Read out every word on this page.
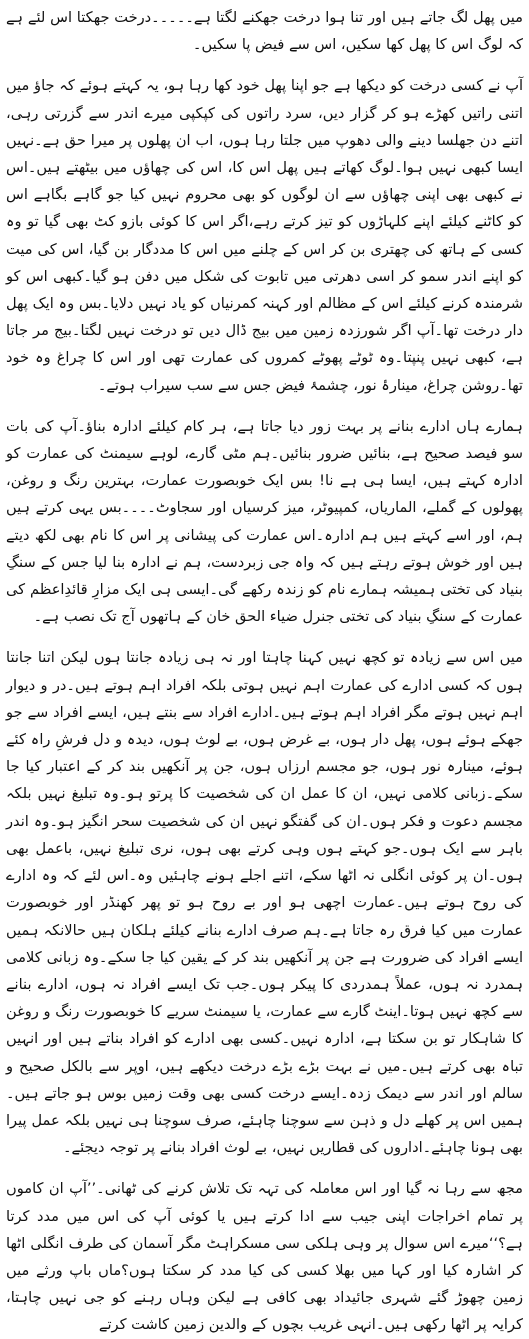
میں پھل لگ جاتے ہیں اور تنا ہوا درخت جھکنے لگتا ہے۔۔۔۔۔درخت جھکتا اس لئے ہے کہ لوگ اس کا پھل کھا سکیں، اس سے فیض پا سکیں۔

آپ نے کسی درخت کو دیکھا ہے جو اپنا پھل خود کھا رہا ہو، یہ کہتے ہوئے کہ جاؤ میں اتنی راتیں کھڑے ہو کر گزار دیں، سرد راتوں کی کپکپی میرے اندر سے گزرتی رہی، اتنے دن جھلسا دینے والی دھوپ میں جلتا رہا ہوں، اب ان پھلوں پر میرا حق ہے۔نہیں ایسا کبھی نہیں ہوا۔لوگ کھاتے ہیں پھل اس کا، اس کی چھاؤں میں بیٹھتے ہیں۔اس نے کبھی بھی اپنی چھاؤں سے ان لوگوں کو بھی محروم نہیں کیا جو گاہے بگاہے اس کو کاٹنے کیلئے اپنے کلہاڑوں کو تیز کرتے رہے،اگر اس کا کوئی بازو کٹ بھی گیا تو وہ کسی کے ہاتھ کی چھتری بن کر اس کے چلنے میں اس کا مددگار بن گیا، اس کی میت کو اپنے اندر سمو کر اسی دھرتی میں تابوت کی شکل میں دفن ہو گیا۔کبھی اس کو شرمندہ کرنے کیلئے اس کے مظالم اور کہنہ کمرنیاں کو یاد نہیں دلایا۔بس وہ ایک پھل دار درخت تھا۔آپ اگر شورزدہ زمین میں بیج ڈال دیں تو درخت نہیں لگتا۔بیج مر جاتا ہے، کبھی نہیں پنپتا۔وہ ٹوٹے پھوٹے کمروں کی عمارت تھی اور اس کا چراغ وہ خود تھا۔روشن چراغ، مینارۂ نور، چشمۂ فیض جس سے سب سیراب ہوتے۔

ہمارے ہاں ادارے بنانے پر بہت زور دیا جاتا ہے، ہر کام کیلئے ادارہ بناؤ۔آپ کی بات سو فیصد صحیح ہے، بنائیں ضرور بنائیں۔ہم مٹی گارے، لوہے سیمنٹ کی عمارت کو ادارہ کہتے ہیں، ایسا ہی ہے نا! بس ایک خوبصورت عمارت، بہترین رنگ و روغن، پھولوں کے گملے، الماریاں، کمپیوٹر، میز کرسیاں اور سجاوٹ۔۔۔۔بس یہی کرتے ہیں ہم، اور اسے کہتے ہیں ہم ادارہ۔اس عمارت کی پیشانی پر اس کا نام بھی لکھ دیتے ہیں اور خوش ہوتے رہتے ہیں کہ واہ جی زبردست، ہم نے ادارہ بنا لیا جس کے سنگِ بنیاد کی تختی ہمیشہ ہمارے نام کو زندہ رکھے گی۔ایسی ہی ایک مزارِ قائدِاعظم کی عمارت کے سنگِ بنیاد کی تختی جنرل ضیاء الحق خان کے ہاتھوں آج تک نصب ہے۔

میں اس سے زیادہ تو کچھ نہیں کہنا چاہتا اور نہ ہی زیادہ جانتا ہوں لیکن اتنا جانتا ہوں کہ کسی ادارے کی عمارت اہم نہیں ہوتی بلکہ افراد اہم ہوتے ہیں۔در و دیوار اہم نہیں ہوتے مگر افراد اہم ہوتے ہیں۔ادارے افراد سے بنتے ہیں، ایسے افراد سے جو جھکے ہوئے ہوں، پھل دار ہوں، بے غرض ہوں، بے لوث ہوں، دیدہ و دل فرشِ راہ کئے ہوئے، مینارہ نور ہوں، جو مجسم ارزاں ہوں، جن پر آنکھیں بند کر کے اعتبار کیا جا سکے۔زبانی کلامی نہیں، ان کا عمل ان کی شخصیت کا پرتو ہو۔وہ تبلیغ نہیں بلکہ مجسم دعوت و فکر ہوں۔ان کی گفتگو نہیں ان کی شخصیت سحر انگیز ہو۔وہ اندر باہر سے ایک ہوں۔جو کہتے ہوں وہی کرتے بھی ہوں، نری تبلیغ نہیں، باعمل بھی ہوں۔ان پر کوئی انگلی نہ اٹھا سکے، اتنے اجلے ہونے چاہئیں وہ۔اس لئے کہ وہ ادارے کی روح ہوتے ہیں۔عمارت اچھی ہو اور بے روح ہو تو پھر کھنڈر اور خوبصورت عمارت میں کیا فرق رہ جاتا ہے۔ہم صرف ادارے بنانے کیلئے ہلکان ہیں حالانکہ ہمیں ایسے افراد کی ضرورت ہے جن پر آنکھیں بند کر کے یقین کیا جا سکے۔وہ زبانی کلامی ہمدرد نہ ہوں، عملاً ہمدردی کا پیکر ہوں۔جب تک ایسے افراد نہ ہوں، ادارے بنانے سے کچھ نہیں ہوتا۔اینٹ گارے سے عمارت، یا سیمنٹ سریے کا خوبصورت رنگ و روغن کا شاہکار تو بن سکتا ہے، ادارہ نہیں۔کسی بھی ادارے کو افراد بناتے ہیں اور انہیں تباہ بھی کرتے ہیں۔میں نے بہت بڑے بڑے درخت دیکھے ہیں، اوپر سے بالکل صحیح و سالم اور اندر سے دیمک زدہ۔ایسے درخت کسی بھی وقت زمیں بوس ہو جاتے ہیں۔ہمیں اس پر کھلے دل و ذہن سے سوچنا چاہئے، صرف سوچنا ہی نہیں بلکہ عمل پیرا بھی ہونا چاہئے۔اداروں کی قطاریں نہیں، بے لوث افراد بنانے پر توجہ دیجئے۔

مجھ سے رہا نہ گیا اور اس معاملہ کی تہہ تک تلاش کرنے کی ٹھانی۔’’آپ ان کاموں پر تمام اخراجات اپنی جیب سے ادا کرتے ہیں یا کوئی آپ کی اس میں مدد کرتا ہے؟‘‘میرے اس سوال پر وہی ہلکی سی مسکراہٹ مگر آسمان کی طرف انگلی اٹھا کر اشارہ کیا اور کہا میں بھلا کسی کی کیا مدد کر سکتا ہوں؟ماں باپ ورثے میں زمین چھوڑ گئے شہری جائیداد بھی کافی ہے لیکن وہاں رہنے کو جی نہیں چاہتا، کرایہ پر اٹھا رکھی ہیں۔انہی غریب بچوں کے والدین زمین کاشت کرتے
